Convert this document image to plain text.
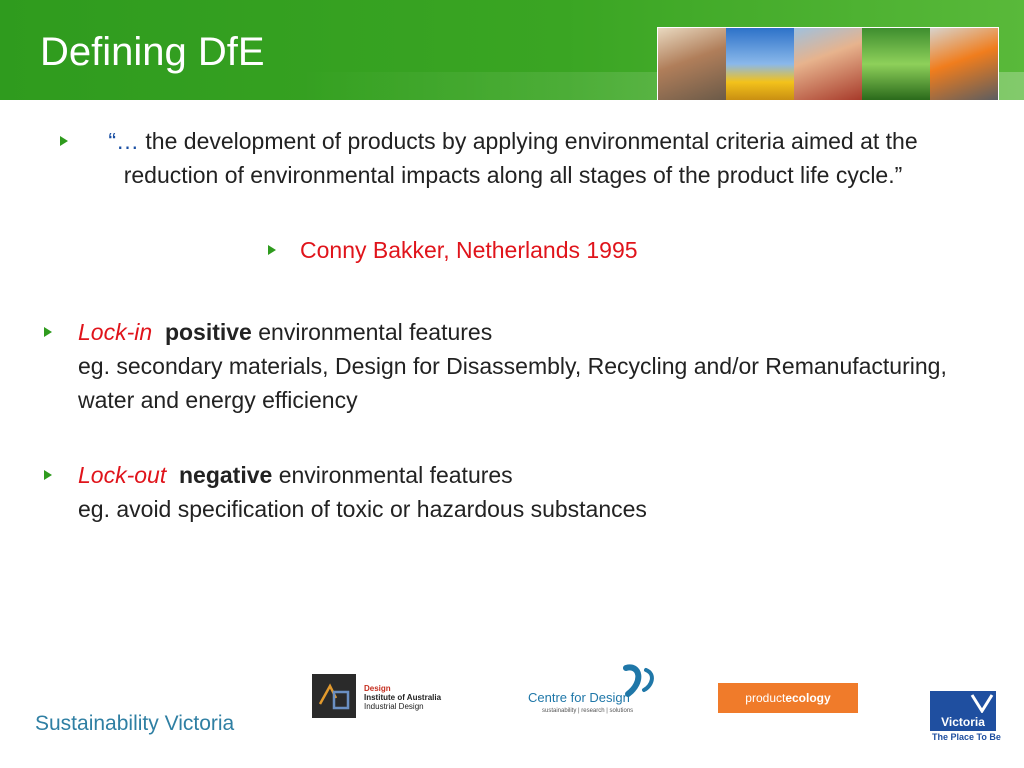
Defining DfE
“… the development of products by applying environmental criteria aimed at the reduction of environmental impacts along all stages of the product life cycle.”
Conny Bakker, Netherlands 1995
Lock-in positive environmental features
eg. secondary materials, Design for Disassembly, Recycling and/or Remanufacturing, water and energy efficiency
Lock-out negative environmental features
eg. avoid specification of toxic or hazardous substances
Sustainability Victoria
Design
Institute of Australia
Industrial Design
Centre for Design
sustainability | research | solutions
productecology
Victoria
The Place To Be
